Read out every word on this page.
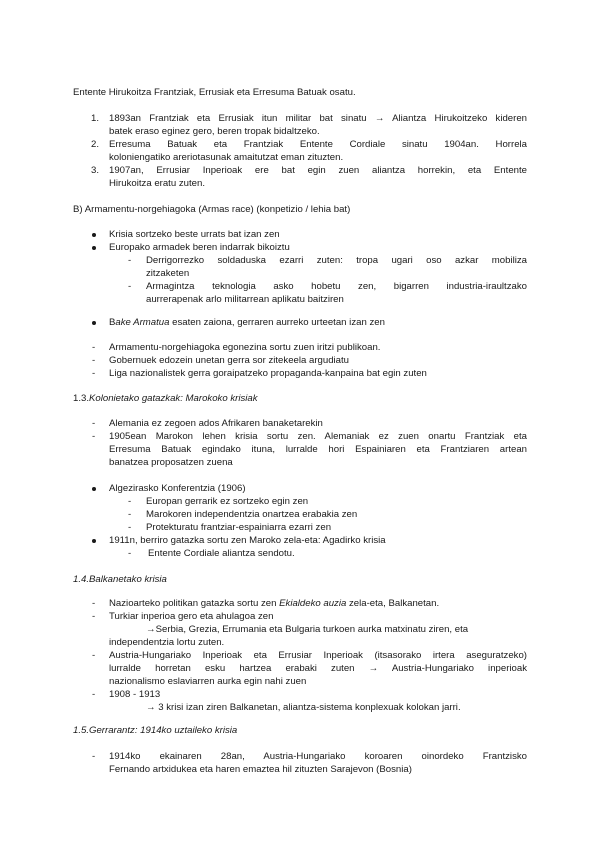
Entente Hirukoitza Frantziak, Errusiak eta Erresuma Batuak osatu.
1. 1893an Frantziak eta Errusiak itun militar bat sinatu → Aliantza Hirukoitzeko kideren
batek eraso eginez gero, beren tropak bidaltzeko.
2. Erresuma Batuak eta Frantziak Entente Cordiale sinatu 1904an. Horrela
koloniengatiko areriotasunak amaitutzat eman zituzten.
3. 1907an, Errusiar Inperioak ere bat egin zuen aliantza horrekin, eta Entente
Hirukoitza eratu zuten.
B) Armamentu-norgehiagoka (Armas race) (konpetizio / lehia bat)
Krisia sortzeko beste urrats bat izan zen
Europako armadek beren indarrak bikoiztu
- Derrigorrezko soldaduska ezarri zuten: tropa ugari oso azkar mobiliza
zitzaketen
- Armagintza teknologia asko hobetu zen, bigarren industria-iraultzako
aurrerapenak arlo militarrean aplikatu baitziren
Bake Armatua esaten zaiona, gerraren aurreko urteetan izan zen
- Armamentu-norgehiagoka egonezina sortu zuen iritzi publikoan.
- Gobernuek edozein unetan gerra sor zitekeela argudiatu
- Liga nazionalistek gerra goraipatzeko propaganda-kanpaina bat egin zuten
1.3.Kolonietako gatazkak: Marokoko krisiak
- Alemania ez zegoen ados Afrikaren banaketarekin
- 1905ean Marokon lehen krisia sortu zen. Alemaniak ez zuen onartu Frantziak eta
Erresuma Batuak egindako ituna, lurralde hori Espainiaren eta Frantziaren artean
banatzea proposatzen zuena
Algezirasko Konferentzia (1906)
- Europan gerrarik ez sortzeko egin zen
- Marokoren independentzia onartzea erabakia zen
- Protekturatu frantziar-espainiarra ezarri zen
1911n, berriro gatazka sortu zen Maroko zela-eta: Agadirko krisia
- Entente Cordiale aliantza sendotu.
1.4.Balkanetako krisia
- Nazioarteko politikan gatazka sortu zen Ekialdeko auzia zela-eta, Balkanetan.
- Turkiar inperioa gero eta ahulagoa zen
→Serbia, Grezia, Errumania eta Bulgaria turkoen aurka matxinatu ziren, eta
independentzia lortu zuten.
- Austria-Hungariako Inperioak eta Errusiar Inperioak (itsasorako irtera aseguratzeko)
lurralde horretan esku hartzea erabaki zuten → Austria-Hungariako inperioak
nazionalismo eslaviarren aurka egin nahi zuen
- 1908 - 1913
→ 3 krisi izan ziren Balkanetan, aliantza-sistema konplexuak kolokan jarri.
1.5.Gerrarantz: 1914ko uztaileko krisia
- 1914ko ekainaren 28an, Austria-Hungariako koroaren oinordeko Frantzisko
Fernando artxidukea eta haren emaztea hil zituzten Sarajevon (Bosnia)
